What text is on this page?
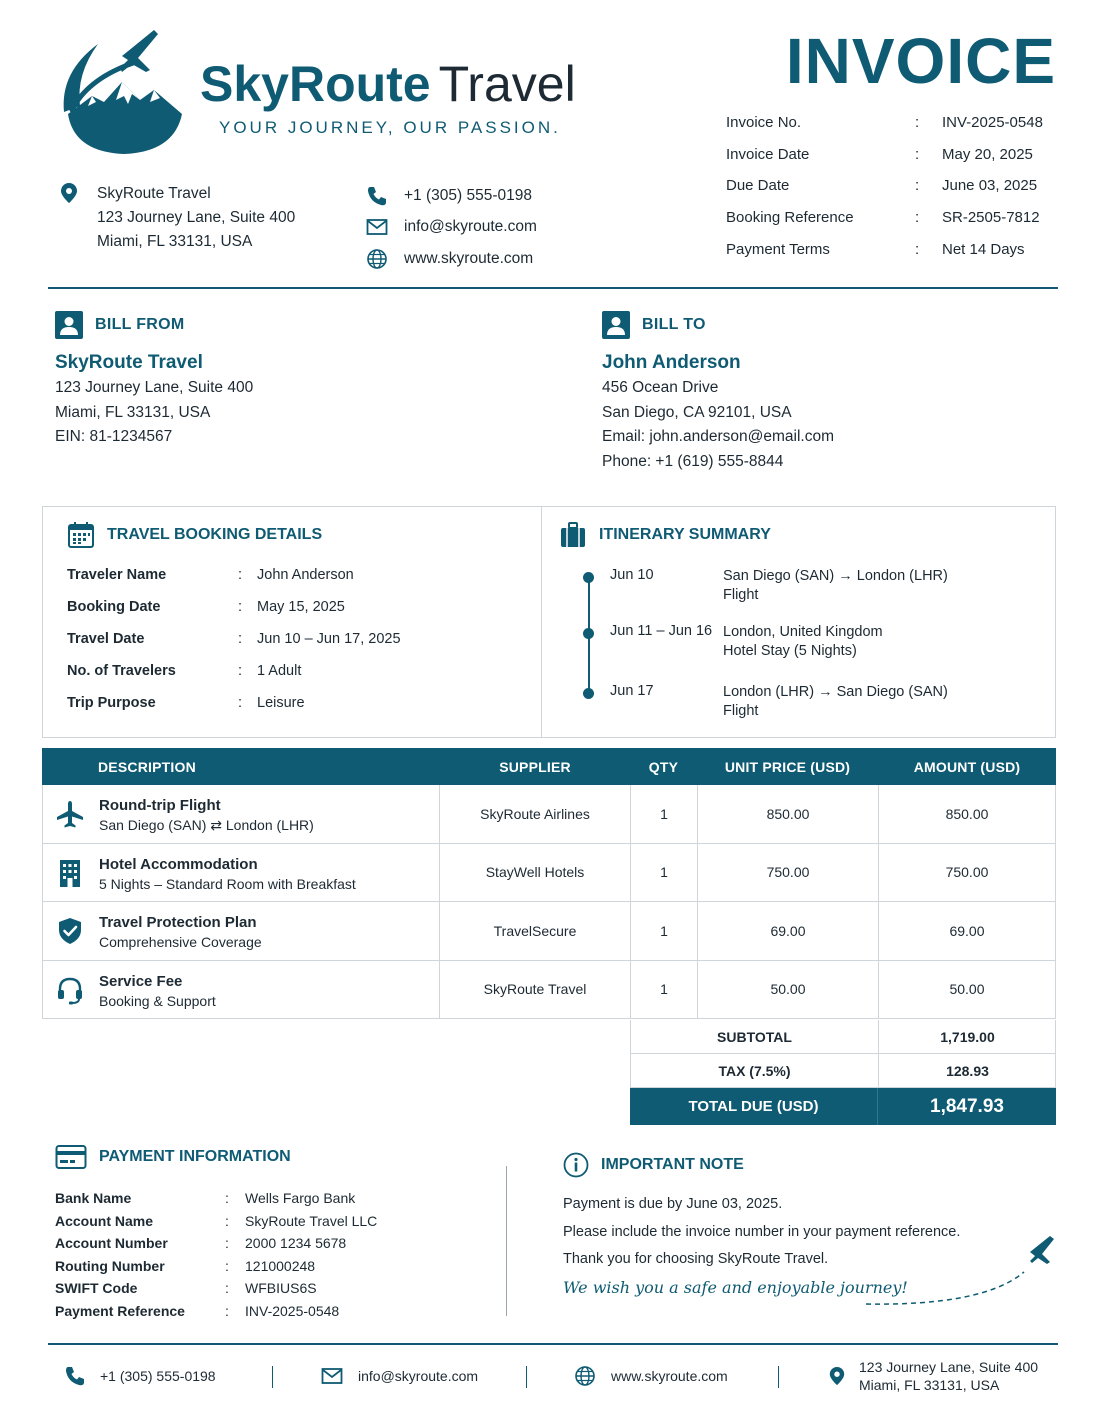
SkyRoute Travel
YOUR JOURNEY, OUR PASSION.
INVOICE
Invoice No.	: INV-2025-0548
Invoice Date	: May 20, 2025
Due Date	: June 03, 2025
Booking Reference	: SR-2505-7812
Payment Terms	: Net 14 Days
SkyRoute Travel
123 Journey Lane, Suite 400
Miami, FL 33131, USA
+1 (305) 555-0198
info@skyroute.com
www.skyroute.com
BILL FROM
SkyRoute Travel
123 Journey Lane, Suite 400
Miami, FL 33131, USA
EIN: 81-1234567
BILL TO
John Anderson
456 Ocean Drive
San Diego, CA 92101, USA
Email: john.anderson@email.com
Phone: +1 (619) 555-8844
TRAVEL BOOKING DETAILS
Traveler Name	: John Anderson
Booking Date	: May 15, 2025
Travel Date	: Jun 10 – Jun 17, 2025
No. of Travelers	: 1 Adult
Trip Purpose	: Leisure
ITINERARY SUMMARY
Jun 10	San Diego (SAN) → London (LHR)
Flight
Jun 11 – Jun 16 London, United Kingdom
Hotel Stay (5 Nights)
Jun 17	London (LHR) → San Diego (SAN)
Flight
DESCRIPTION	SUPPLIER	QTY	UNIT PRICE (USD)	AMOUNT (USD)
Round-trip Flight
San Diego (SAN) ⇄ London (LHR)
SkyRoute Airlines	1	850.00	850.00
Hotel Accommodation
5 Nights – Standard Room with Breakfast
StayWell Hotels	1	750.00	750.00
Travel Protection Plan
Comprehensive Coverage
TravelSecure	1	69.00	69.00
Service Fee
Booking & Support
SkyRoute Travel	1	50.00	50.00
SUBTOTAL	1,719.00
TAX (7.5%)	128.93
TOTAL DUE (USD)	1,847.93
PAYMENT INFORMATION
Bank Name	: Wells Fargo Bank
Account Name	: SkyRoute Travel LLC
Account Number	: 2000 1234 5678
Routing Number	: 121000248
SWIFT Code	: WFBIUS6S
Payment Reference	: INV-2025-0548
IMPORTANT NOTE
Payment is due by June 03, 2025.
Please include the invoice number in your payment reference.
Thank you for choosing SkyRoute Travel.
We wish you a safe and enjoyable journey!
+1 (305) 555-0198	info@skyroute.com	www.skyroute.com
123 Journey Lane, Suite 400
Miami, FL 33131, USA
